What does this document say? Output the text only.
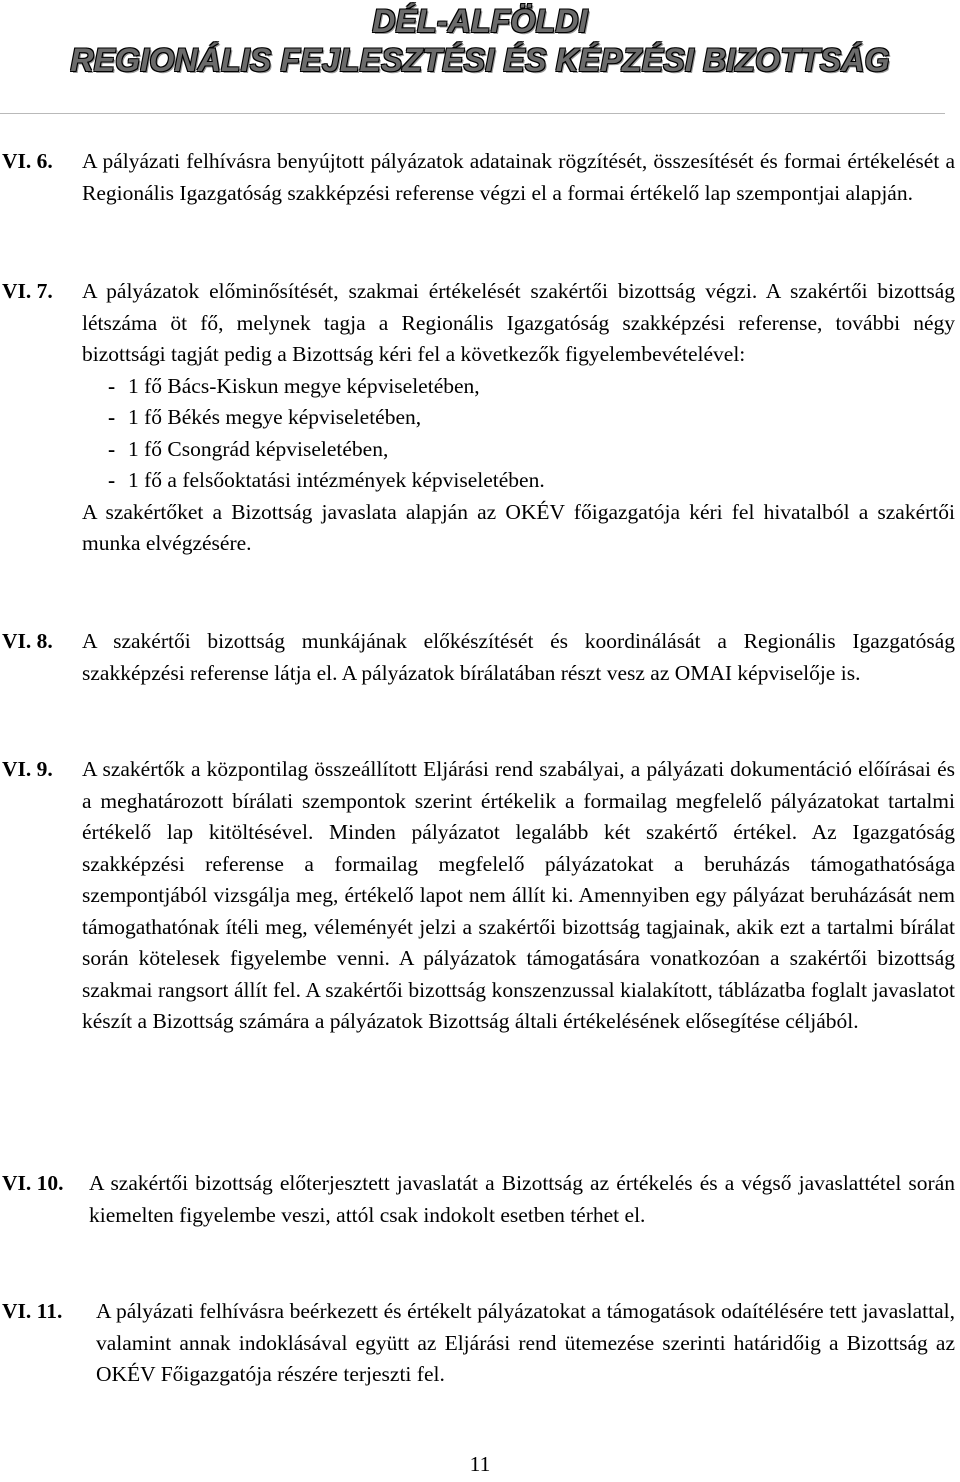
DÉL-ALFÖLDI
REGIONÁLIS FEJLESZTÉSI ÉS KÉPZÉSI BIZOTTSÁG
VI. 6. A pályázati felhívásra benyújtott pályázatok adatainak rögzítését, összesítését és formai értékelését a Regionális Igazgatóság szakképzési referense végzi el a formai értékelő lap szempontjai alapján.
VI. 7. A pályázatok előminősítését, szakmai értékelését szakértői bizottság végzi. A szakértői bizottság létszáma öt fő, melynek tagja a Regionális Igazgatóság szakképzési referense, további négy bizottsági tagját pedig a Bizottság kéri fel a következők figyelembevételével:

- 1 fő Bács-Kiskun megye képviseletében,
- 1 fő Békés megye képviseletében,
- 1 fő Csongrád képviseletében,
- 1 fő a felsőoktatási intézmények képviseletében.

A szakértőket a Bizottság javaslata alapján az OKÉV főigazgatója kéri fel hivatalból a szakértői munka elvégzésére.

VI. 8. A szakértői bizottság munkájának előkészítését és koordinálását a Regionális Igazgatóság szakképzési referense látja el. A pályázatok bírálatában részt vesz az OMAI képviselője is.
VI. 9. A szakértők a központilag összeállított Eljárási rend szabályai, a pályázati dokumentáció előírásai és a meghatározott bírálati szempontok szerint értékelik a formailag megfelelő pályázatokat tartalmi értékelő lap kitöltésével. Minden pályázatot legalább két szakértő értékel. Az Igazgatóság szakképzési referense a formailag megfelelő pályázatokat a beruházás támogathatósága szempontjából vizsgálja meg, értékelő lapot nem állít ki. Amennyiben egy pályázat beruházását nem támogathatónak ítéli meg, véleményét jelzi a szakértői bizottság tagjainak, akik ezt a tartalmi bírálat során kötelesek figyelembe venni. A pályázatok támogatására vonatkozóan a szakértői bizottság szakmai rangsort állít fel. A szakértői bizottság konszenzussal kialakított, táblázatba foglalt javaslatot készít a Bizottság számára a pályázatok Bizottság általi értékelésének elősegítése céljából.
VI. 10. A szakértői bizottság előterjesztett javaslatát a Bizottság az értékelés és a végső javaslattétel során kiemelten figyelembe veszi, attól csak indokolt esetben térhet el.
VI. 11. A pályázati felhívásra beérkezett és értékelt pályázatokat a támogatások odaítélésére tett javaslattal, valamint annak indoklásával együtt az Eljárási rend ütemezése szerinti határidőig a Bizottság az OKÉV Főigazgatója részére terjeszti fel.
11
